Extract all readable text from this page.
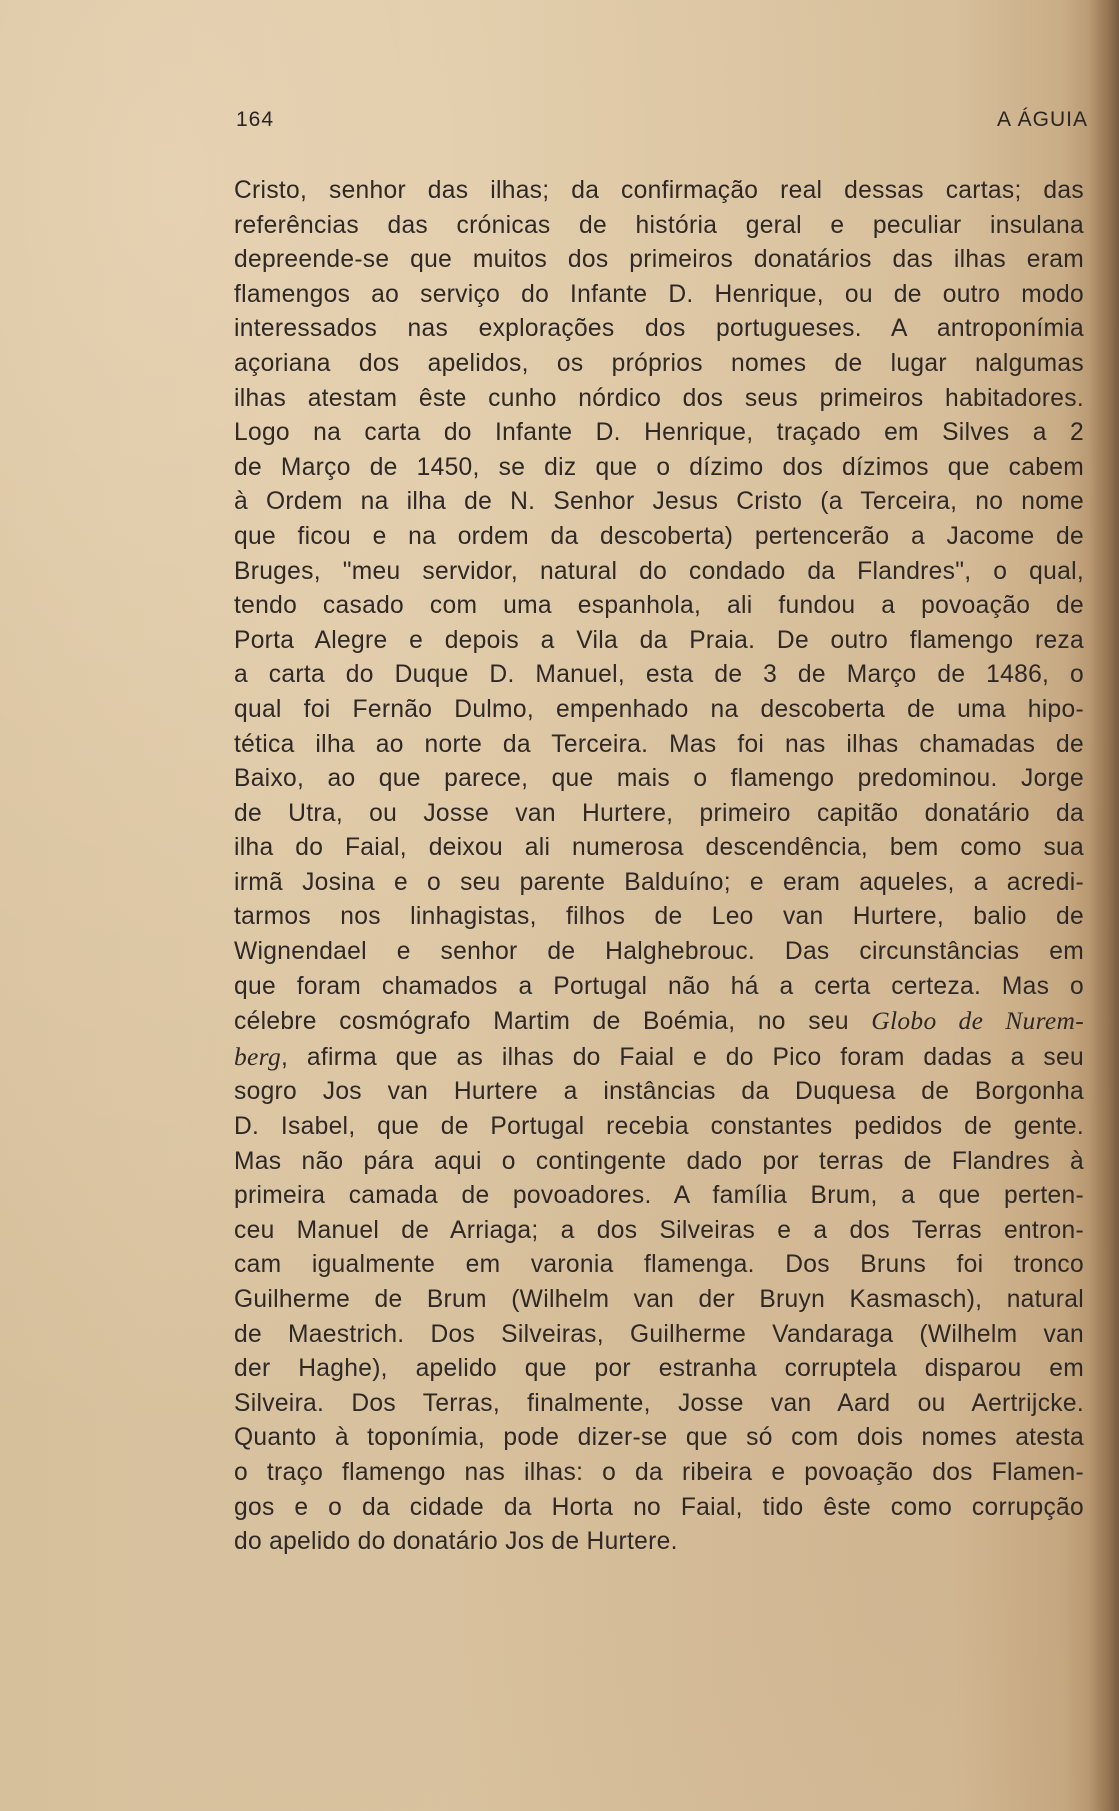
164	A ÁGUIA
Cristo, senhor das ilhas; da confirmação real dessas cartas; das
referências das crónicas de história geral e peculiar insulana
depreende-se que muitos dos primeiros donatários das ilhas eram
flamengos ao serviço do Infante D. Henrique, ou de outro modo
interessados nas explorações dos portugueses. A antroponímia
açoriana dos apelidos, os próprios nomes de lugar nalgumas
ilhas atestam êste cunho nórdico dos seus primeiros habitadores.
Logo na carta do Infante D. Henrique, traçado em Silves a 2
de Março de 1450, se diz que o dízimo dos dízimos que cabem
à Ordem na ilha de N. Senhor Jesus Cristo (a Terceira, no nome
que ficou e na ordem da descoberta) pertencerão a Jacome de
Bruges, "meu servidor, natural do condado da Flandres", o qual,
tendo casado com uma espanhola, ali fundou a povoação de
Porta Alegre e depois a Vila da Praia. De outro flamengo reza
a carta do Duque D. Manuel, esta de 3 de Março de 1486, o
qual foi Fernão Dulmo, empenhado na descoberta de uma hipo-
tética ilha ao norte da Terceira. Mas foi nas ilhas chamadas de
Baixo, ao que parece, que mais o flamengo predominou. Jorge
de Utra, ou Josse van Hurtere, primeiro capitão donatário da
ilha do Faial, deixou ali numerosa descendência, bem como sua
irmã Josina e o seu parente Balduíno; e eram aqueles, a acredi-
tarmos nos linhagistas, filhos de Leo van Hurtere, balio de
Wignendael e senhor de Halghebrouc. Das circunstâncias em
que foram chamados a Portugal não há a certa certeza. Mas o
célebre cosmógrafo Martim de Boémia, no seu Globo de Nurem-
berg, afirma que as ilhas do Faial e do Pico foram dadas a seu
sogro Jos van Hurtere a instâncias da Duquesa de Borgonha
D. Isabel, que de Portugal recebia constantes pedidos de gente.
Mas não pára aqui o contingente dado por terras de Flandres à
primeira camada de povoadores. A família Brum, a que perten-
ceu Manuel de Arriaga; a dos Silveiras e a dos Terras entron-
cam igualmente em varonia flamenga. Dos Bruns foi tronco
Guilherme de Brum (Wilhelm van der Bruyn Kasmasch), natural
de Maestrich. Dos Silveiras, Guilherme Vandaraga (Wilhelm van
der Haghe), apelido que por estranha corruptela disparou em
Silveira. Dos Terras, finalmente, Josse van Aard ou Aertrijcke.
Quanto à toponímia, pode dizer-se que só com dois nomes atesta
o traço flamengo nas ilhas: o da ribeira e povoação dos Flamen-
gos e o da cidade da Horta no Faial, tido êste como corrupção
do apelido do donatário Jos de Hurtere.
